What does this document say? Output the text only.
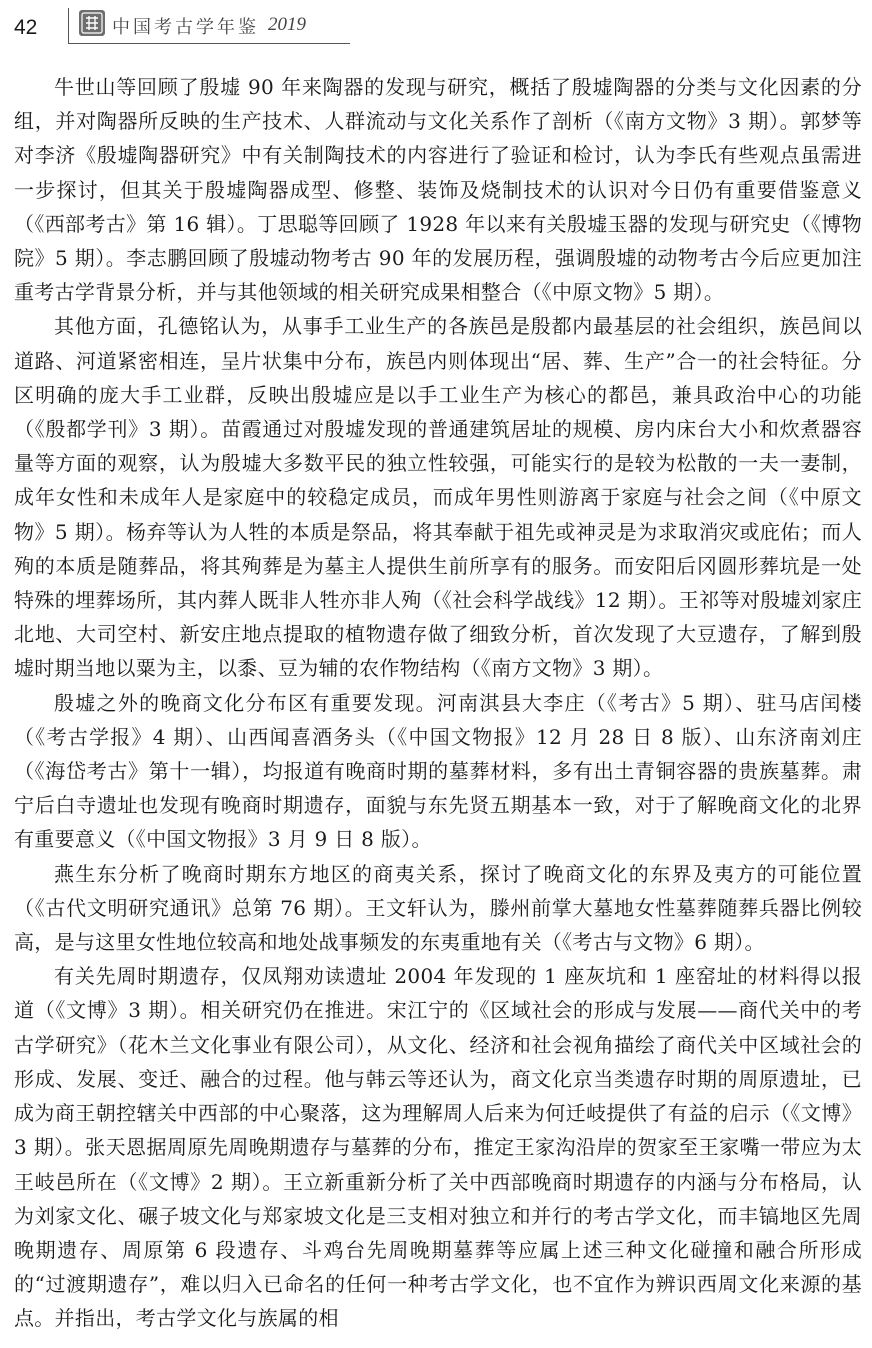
42	中国考古学年鉴 2019

牛世山等回顾了殷墟 90 年来陶器的发现与研究，概括了殷墟陶器的分类与文化因素的分组，并对陶器所反映的生产技术、人群流动与文化关系作了剖析（《南方文物》3 期）。郭梦等对李济《殷墟陶器研究》中有关制陶技术的内容进行了验证和检讨，认为李氏有些观点虽需进一步探讨，但其关于殷墟陶器成型、修整、装饰及烧制技术的认识对今日仍有重要借鉴意义（《西部考古》第 16 辑）。丁思聪等回顾了 1928 年以来有关殷墟玉器的发现与研究史（《博物院》5 期）。李志鹏回顾了殷墟动物考古 90 年的发展历程，强调殷墟的动物考古今后应更加注重考古学背景分析，并与其他领域的相关研究成果相整合（《中原文物》5 期）。

其他方面，孔德铭认为，从事手工业生产的各族邑是殷都内最基层的社会组织，族邑间以道路、河道紧密相连，呈片状集中分布，族邑内则体现出“居、葬、生产”合一的社会特征。分区明确的庞大手工业群，反映出殷墟应是以手工业生产为核心的都邑，兼具政治中心的功能（《殷都学刊》3 期）。苗霞通过对殷墟发现的普通建筑居址的规模、房内床台大小和炊煮器容量等方面的观察，认为殷墟大多数平民的独立性较强，可能实行的是较为松散的一夫一妻制，成年女性和未成年人是家庭中的较稳定成员，而成年男性则游离于家庭与社会之间（《中原文物》5 期）。杨弃等认为人牲的本质是祭品，将其奉献于祖先或神灵是为求取消灾或庇佑；而人殉的本质是随葬品，将其殉葬是为墓主人提供生前所享有的服务。而安阳后冈圆形葬坑是一处特殊的埋葬场所，其内葬人既非人牲亦非人殉（《社会科学战线》12 期）。王祁等对殷墟刘家庄北地、大司空村、新安庄地点提取的植物遗存做了细致分析，首次发现了大豆遗存，了解到殷墟时期当地以粟为主，以黍、豆为辅的农作物结构（《南方文物》3 期）。

殷墟之外的晚商文化分布区有重要发现。河南淇县大李庄（《考古》5 期）、驻马店闰楼（《考古学报》4 期）、山西闻喜酒务头（《中国文物报》12 月 28 日 8 版）、山东济南刘庄（《海岱考古》第十一辑），均报道有晚商时期的墓葬材料，多有出土青铜容器的贵族墓葬。肃宁后白寺遗址也发现有晚商时期遗存，面貌与东先贤五期基本一致，对于了解晚商文化的北界有重要意义（《中国文物报》3 月 9 日 8 版）。

燕生东分析了晚商时期东方地区的商夷关系，探讨了晚商文化的东界及夷方的可能位置（《古代文明研究通讯》总第 76 期）。王文轩认为，滕州前掌大墓地女性墓葬随葬兵器比例较高，是与这里女性地位较高和地处战事频发的东夷重地有关（《考古与文物》6 期）。

有关先周时期遗存，仅凤翔劝读遗址 2004 年发现的 1 座灰坑和 1 座窑址的材料得以报道（《文博》3 期）。相关研究仍在推进。宋江宁的《区域社会的形成与发展——商代关中的考古学研究》（花木兰文化事业有限公司），从文化、经济和社会视角描绘了商代关中区域社会的形成、发展、变迁、融合的过程。他与韩云等还认为，商文化京当类遗存时期的周原遗址，已成为商王朝控辖关中西部的中心聚落，这为理解周人后来为何迁岐提供了有益的启示（《文博》3 期）。张天恩据周原先周晚期遗存与墓葬的分布，推定王家沟沿岸的贺家至王家嘴一带应为太王岐邑所在（《文博》2 期）。王立新重新分析了关中西部晚商时期遗存的内涵与分布格局，认为刘家文化、碾子坡文化与郑家坡文化是三支相对独立和并行的考古学文化，而丰镐地区先周晚期遗存、周原第 6 段遗存、斗鸡台先周晚期墓葬等应属上述三种文化碰撞和融合所形成的“过渡期遗存”，难以归入已命名的任何一种考古学文化，也不宜作为辨识西周文化来源的基点。并指出，考古学文化与族属的相
